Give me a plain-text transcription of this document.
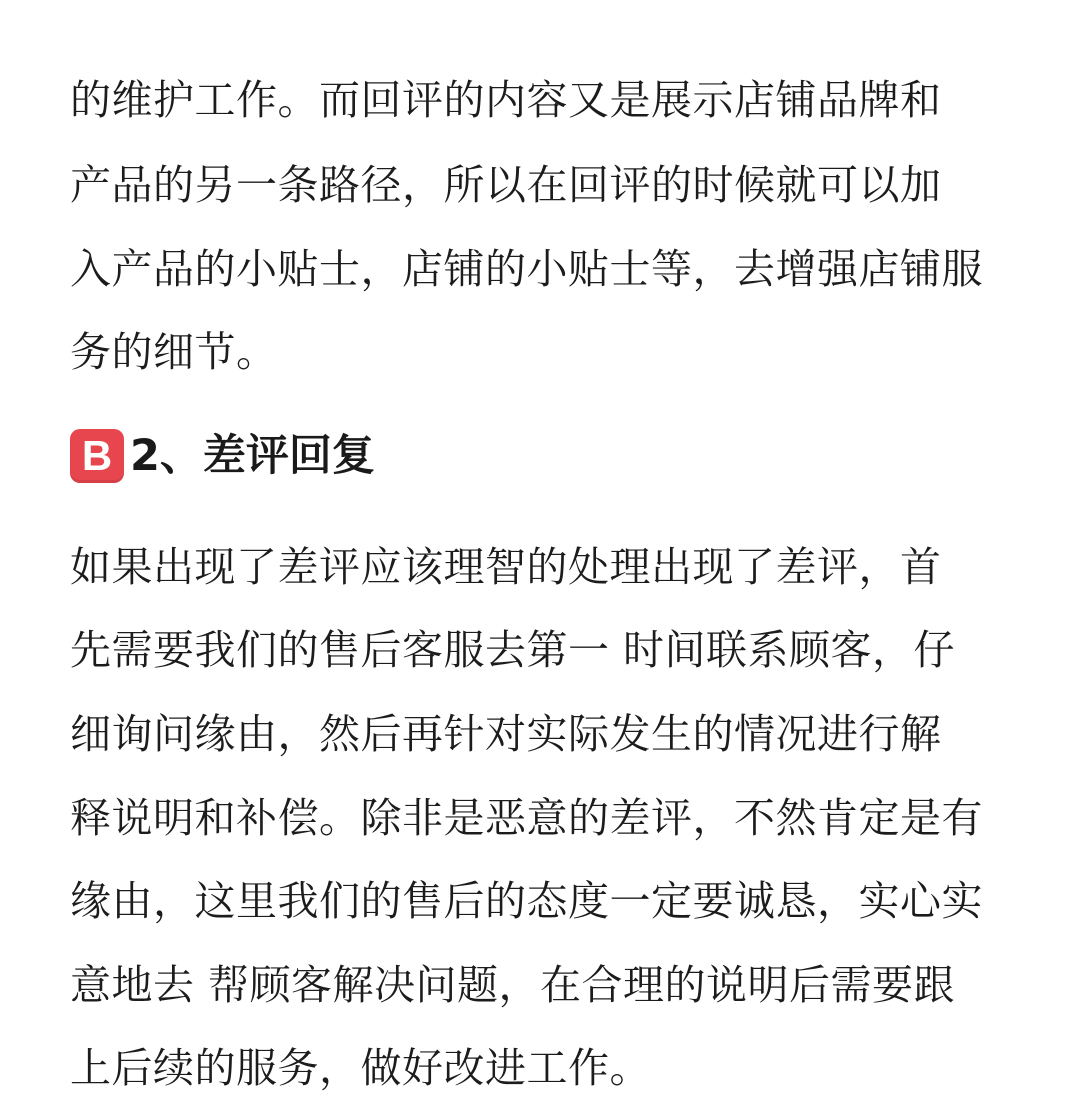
的维护工作。而回评的内容又是展示店铺品牌和
产品的另一条路径，所以在回评的时候就可以加
入产品的小贴士，店铺的小贴士等，去增强店铺服
务的细节。
B 2、差评回复
如果出现了差评应该理智的处理出现了差评，首
先需要我们的售后客服去第一 时间联系顾客，仔
细询问缘由，然后再针对实际发生的情况进行解
释说明和补偿。除非是恶意的差评，不然肯定是有
缘由，这里我们的售后的态度一定要诚恳，实心实
意地去 帮顾客解决问题，在合理的说明后需要跟
上后续的服务，做好改进工作。
